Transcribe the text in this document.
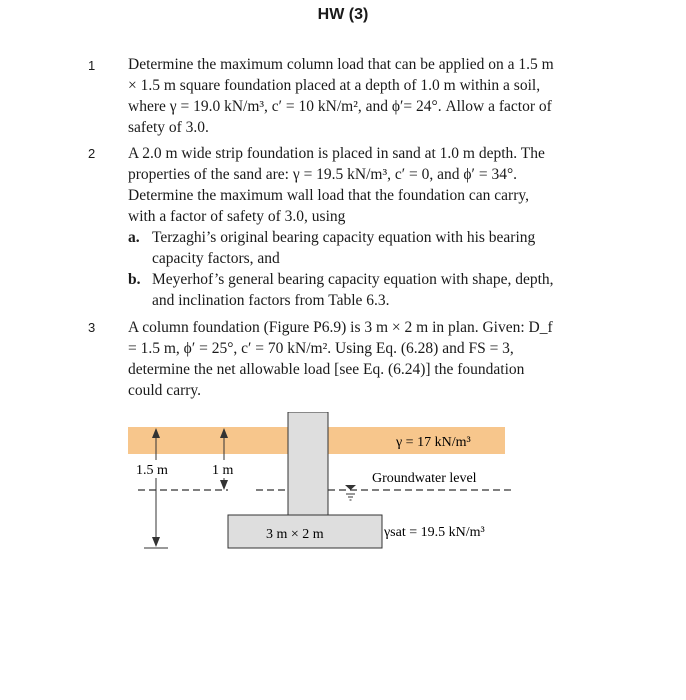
HW (3)
1 Determine the maximum column load that can be applied on a 1.5 m × 1.5 m square foundation placed at a depth of 1.0 m within a soil, where γ = 19.0 kN/m³, c′ = 10 kN/m², and ϕ′= 24°. Allow a factor of safety of 3.0.
2 A 2.0 m wide strip foundation is placed in sand at 1.0 m depth. The properties of the sand are: γ = 19.5 kN/m³, c′ = 0, and ϕ′ = 34°. Determine the maximum wall load that the foundation can carry, with a factor of safety of 3.0, using
a. Terzaghi’s original bearing capacity equation with his bearing capacity factors, and
b. Meyerhof’s general bearing capacity equation with shape, depth, and inclination factors from Table 6.3.
3 A column foundation (Figure P6.9) is 3 m × 2 m in plan. Given: D_f = 1.5 m, ϕ′ = 25°, c′ = 70 kN/m². Using Eq. (6.28) and FS = 3, determine the net allowable load [see Eq. (6.24)] the foundation could carry.
1.5 m	1 m
γ = 17 kN/m³
Groundwater level
3 m × 2 m	γsat = 19.5 kN/m³
